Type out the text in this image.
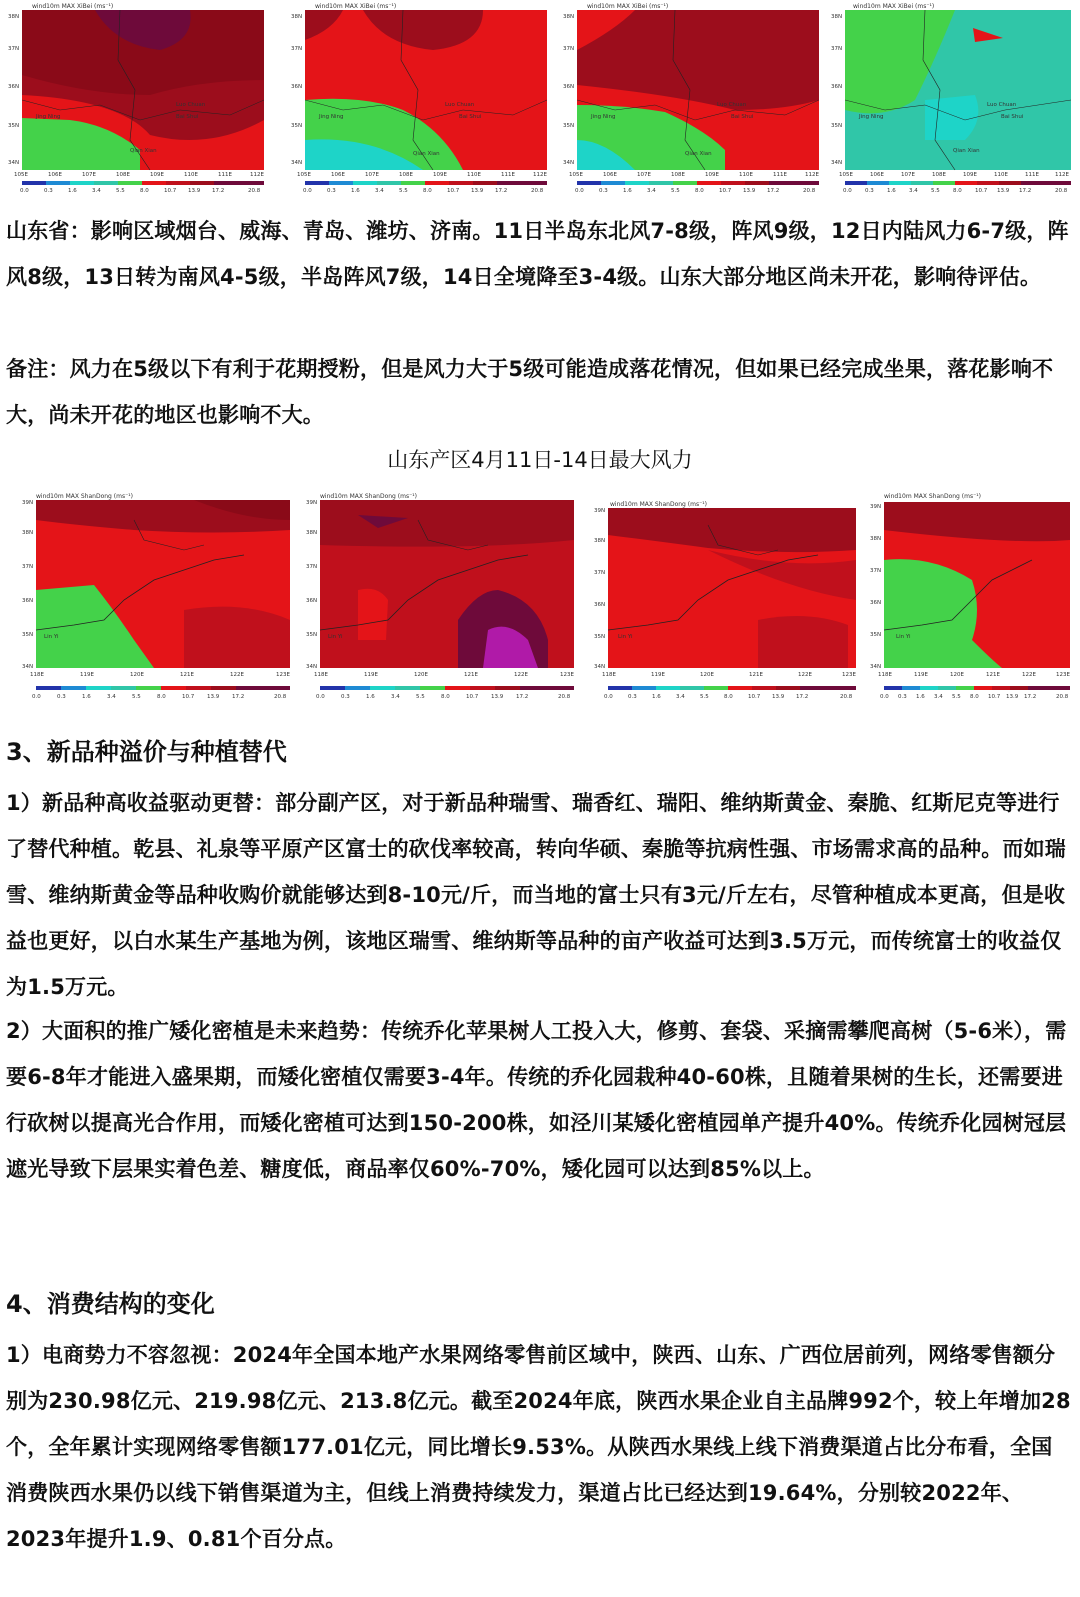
wind10m MAX XiBei (ms⁻¹)
38N
37N
36N
35N
34N
105E	106E	107E	108E	109E	110E	111E	112E
Luo Chuan
Bai Shui
Jing Ning
Qian Xian
0.0	0.3	1.6	3.4	5.5	8.0	10.7 13.9 17.2	20.8
wind10m MAX XiBei (ms⁻¹)
38N
37N
36N
35N
34N
105E	106E	107E	108E	109E	110E	111E	112E
Luo Chuan
Bai Shui
Jing Ning
Qian Xian
0.0	0.3	1.6	3.4	5.5	8.0	10.7 13.9 17.2	20.8
wind10m MAX XiBei (ms⁻¹)
38N
37N
36N
35N
34N
105E	106E	107E	108E	109E	110E	111E	112E
Luo Chuan
Bai Shui
Jing Ning
Qian Xian
0.0	0.3	1.6	3.4	5.5	8.0	10.7 13.9 17.2	20.8
wind10m MAX XiBei (ms⁻¹)
38N
37N
36N
35N
34N
105E	106E	107E	108E	109E	110E	111E	112E
Luo Chuan
Bai Shui
Jing Ning
Qian Xian
0.0 0.3 1.6 3.4 5.5 8.0 10.7 13.9 17.2	20.8

山东省：影响区域烟台、威海、青岛、潍坊、济南。11日半岛东北风7-8级，阵风9级，12日内陆风力6-7级，阵风8级，13日转为南风4-5级，半岛阵风7级，14日全境降至3-4级。山东大部分地区尚未开花，影响待评估。

备注：风力在5级以下有利于花期授粉，但是风力大于5级可能造成落花情况，但如果已经完成坐果，落花影响不大，尚未开花的地区也影响不大。

山东产区4月11日-14日最大风力
wind10m MAX ShanDong (ms⁻¹)
39N
38N
37N
36N
35N
34N
118E	119E	120E	121E	122E	123E
Lin Yi
0.0	0.3	1.6	3.4	5.5	8.0	10.7 13.9 17.2	20.8
wind10m MAX ShanDong (ms⁻¹)
39N
38N
37N
36N
35N
34N
118E	119E	120E	121E	122E	123E
Lin Yi
0.0	0.3	1.6	3.4	5.5	8.0	10.7 13.9 17.2	20.8
wind10m MAX ShanDong (ms⁻¹)
39N
38N
37N
36N
35N
34N
118E	119E	120E	121E	122E	123E
Lin Yi
0.0	0.3	1.6	3.4	5.5	8.0	10.7 13.9 17.2	20.8
wind10m MAX ShanDong (ms⁻¹)
39N
38N
37N
36N
35N
34N
118E	119E	120E	121E	122E	123E
Lin Yi
0.0 0.3 1.6 3.4 5.5 8.0 10.7 13.9 17.2	20.8
3、新品种溢价与种植替代

1）新品种高收益驱动更替：部分副产区，对于新品种瑞雪、瑞香红、瑞阳、维纳斯黄金、秦脆、红斯尼克等进行了替代种植。乾县、礼泉等平原产区富士的砍伐率较高，转向华硕、秦脆等抗病性强、市场需求高的品种。而如瑞雪、维纳斯黄金等品种收购价就能够达到8-10元/斤，而当地的富士只有3元/斤左右，尽管种植成本更高，但是收益也更好，以白水某生产基地为例，该地区瑞雪、维纳斯等品种的亩产收益可达到3.5万元，而传统富士的收益仅为1.5万元。

2）大面积的推广矮化密植是未来趋势：传统乔化苹果树人工投入大，修剪、套袋、采摘需攀爬高树（5-6米），需要6-8年才能进入盛果期，而矮化密植仅需要3-4年。传统的乔化园栽种40-60株，且随着果树的生长，还需要进行砍树以提高光合作用，而矮化密植可达到150-200株，如泾川某矮化密植园单产提升40%。传统乔化园树冠层遮光导致下层果实着色差、糖度低，商品率仅60%-70%，矮化园可以达到85%以上。

4、消费结构的变化

1）电商势力不容忽视：2024年全国本地产水果网络零售前区域中，陕西、山东、广西位居前列，网络零售额分别为230.98亿元、219.98亿元、213.8亿元。截至2024年底，陕西水果企业自主品牌992个，较上年增加28个，全年累计实现网络零售额177.01亿元，同比增长9.53%。从陕西水果线上线下消费渠道占比分布看，全国消费陕西水果仍以线下销售渠道为主，但线上消费持续发力，渠道占比已经达到19.64%，分别较2022年、2023年提升1.9、0.81个百分点。
